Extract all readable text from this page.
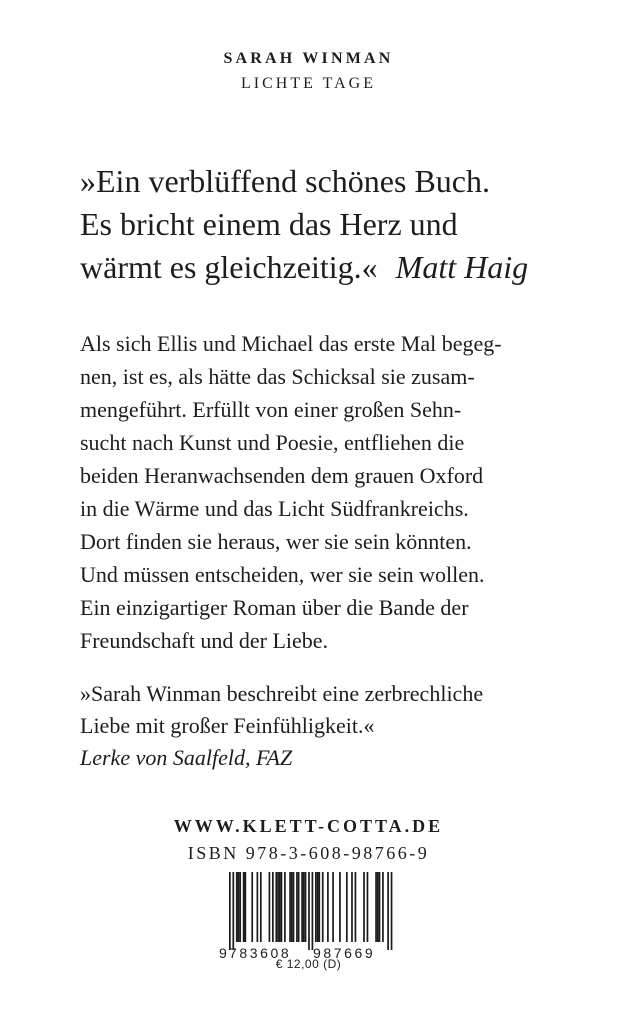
SARAH WINMAN
LICHTE TAGE
»Ein verblüffend schönes Buch.
Es bricht einem das Herz und
wärmt es gleichzeitig.« Matt Haig
Als sich Ellis und Michael das erste Mal begeg-
nen, ist es, als hätte das Schicksal sie zusam-
mengeführt. Erfüllt von einer großen Sehn-
sucht nach Kunst und Poesie, entfliehen die
beiden Heranwachsenden dem grauen Oxford
in die Wärme und das Licht Südfrankreichs.
Dort finden sie heraus, wer sie sein könnten.
Und müssen entscheiden, wer sie sein wollen.
Ein einzigartiger Roman über die Bande der
Freundschaft und der Liebe.
»Sarah Winman beschreibt eine zerbrechliche
Liebe mit großer Feinfühligkeit.«
Lerke von Saalfeld, FAZ
WWW.KLETT-COTTA.DE
ISBN 978-3-608-98766-9
9 783608 987669
€ 12,00 (D)
